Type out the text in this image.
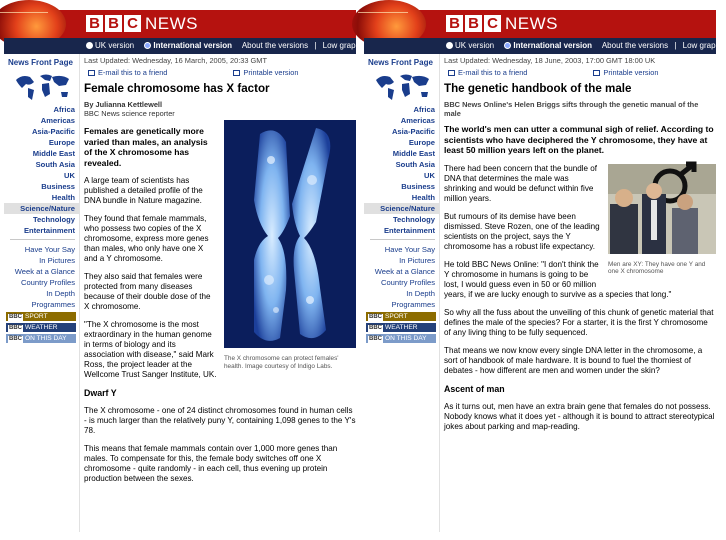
B B C NEWS
UK version International version About the versions | Low graphi
News Front Page
Africa
Americas
Asia-Pacific
Europe
Middle East
South Asia
UK
Business
Health
Science/Nature
Technology
Entertainment
Have Your Say
In Pictures
Week at a Glance
Country Profiles
In Depth
Programmes
BBC SPORT
BBC WEATHER
BBC ON THIS DAY
Last Updated: Wednesday, 16 March, 2005, 20:33 GMT
E-mail this to a friend	Printable version
Female chromosome has X factor
By Julianna Kettlewell
BBC News science reporter
The X chromosome can protect females' health. Image courtesy of Indigo Labs.

Females are genetically more varied than males, an analysis of the X chromosome has revealed.

A large team of scientists has published a detailed profile of the DNA bundle in Nature magazine.

They found that female mammals, who possess two copies of the X chromosome, express more genes than males, who only have one X and a Y chromosome.

They also said that females were protected from many diseases because of their double dose of the X chromosome.

"The X chromosome is the most extraordinary in the human genome in terms of biology and its association with disease," said Mark Ross, the project leader at the Wellcome Trust Sanger Institute, UK.

Dwarf Y

The X chromosome - one of 24 distinct chromosomes found in human cells - is much larger than the relatively puny Y, containing 1,098 genes to the Y's 78.

This means that female mammals contain over 1,000 more genes than males. To compensate for this, the female body switches off one X chromosome - quite randomly - in each cell, thus evening up protein production between the sexes.

B B C NEWS
UK version International version About the versions | Low graphi
News Front Page
Africa
Americas
Asia-Pacific
Europe
Middle East
South Asia
UK
Business
Health
Science/Nature
Technology
Entertainment
Have Your Say
In Pictures
Week at a Glance
Country Profiles
In Depth
Programmes
BBC SPORT
BBC WEATHER
BBC ON THIS DAY
Last Updated: Wednesday, 18 June, 2003, 17:00 GMT 18:00 UK
E-mail this to a friend	Printable version
The genetic handbook of the male
BBC News Online's Helen Briggs sifts through the genetic manual of the male

The world's men can utter a communal sigh of relief. According to scientists who have deciphered the Y chromosome, they have at least 50 million years left on the planet.

Men are XY: They have one Y and one X chromosome

There had been concern that the bundle of DNA that determines the male was shrinking and would be defunct within five million years.

But rumours of its demise have been dismissed. Steve Rozen, one of the leading scientists on the project, says the Y chromosome has a robust life expectancy.

He told BBC News Online: "I don't think the Y chromosome in humans is going to be lost, I would guess even in 50 or 60 million years, if we are lucky enough to survive as a species that long."

So why all the fuss about the unveiling of this chunk of genetic material that defines the male of the species? For a starter, it is the first Y chromosome of any living thing to be fully sequenced.

That means we now know every single DNA letter in the chromosome, a sort of handbook of male hardware. It is bound to fuel the thorniest of debates - how different are men and women under the skin?

Ascent of man

As it turns out, men have an extra brain gene that females do not possess. Nobody knows what it does yet - although it is bound to attract stereotypical jokes about parking and map-reading.
